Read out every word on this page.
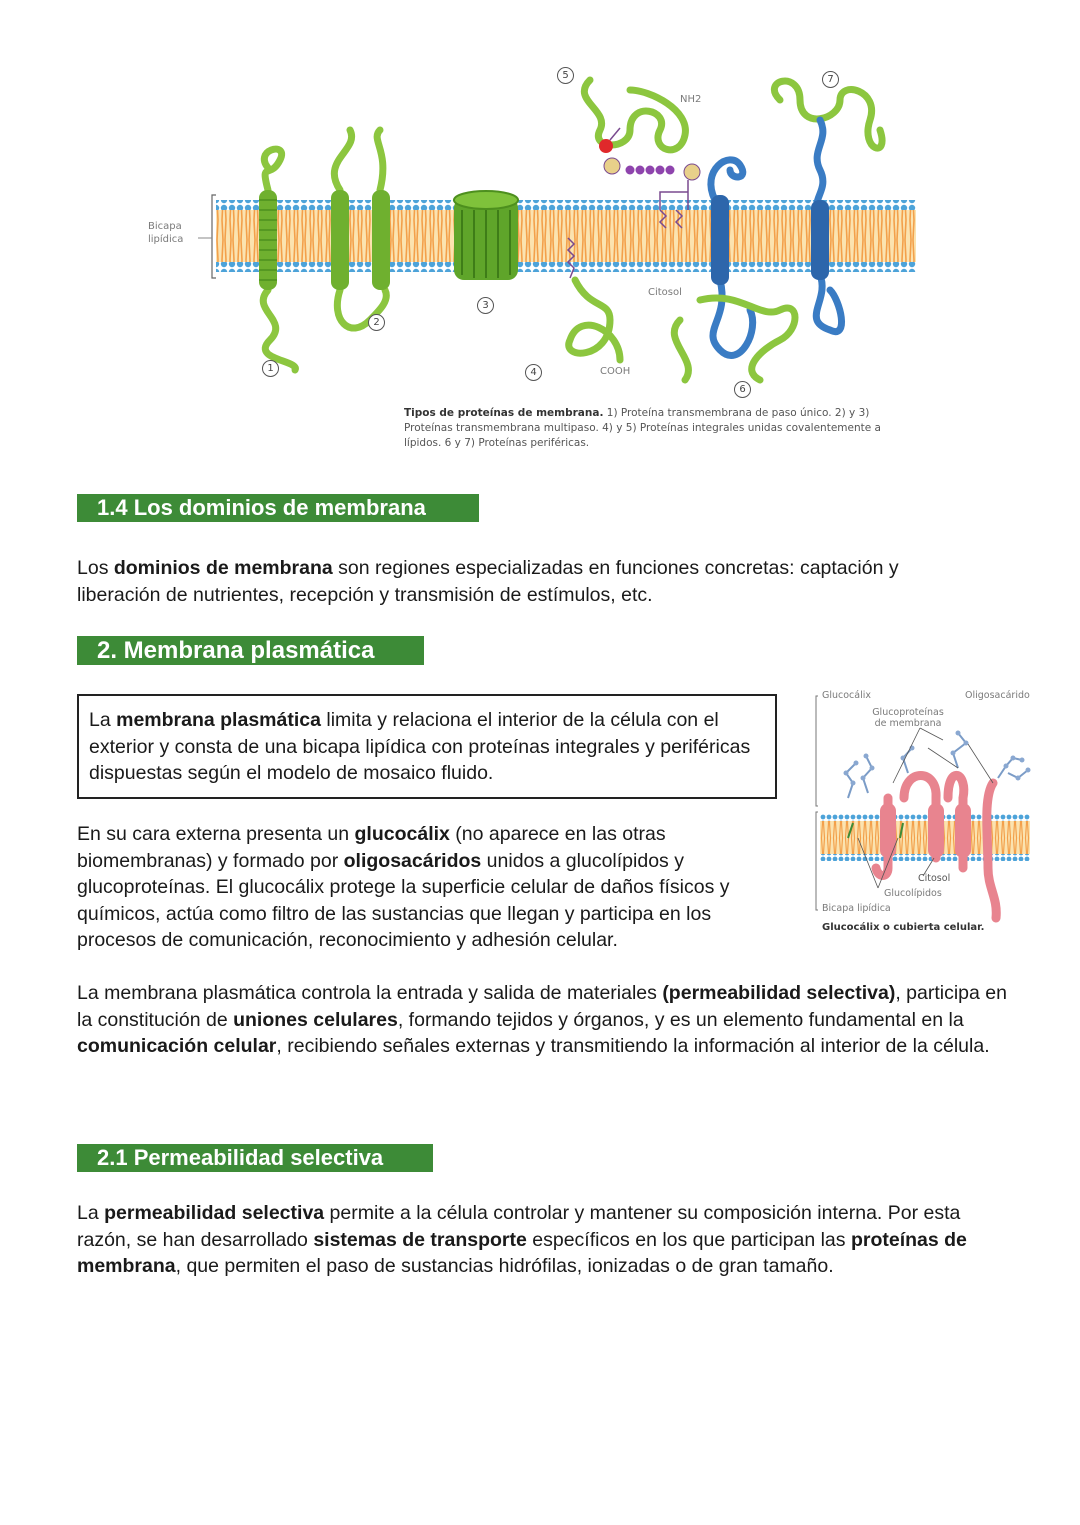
Bicapa lipídica
NH2
COOH
Citosol
1
2
3
4
5
6
7
Tipos de proteínas de membrana. 1) Proteína transmembrana de paso único. 2) y 3) Proteínas transmembrana multipaso. 4) y 5) Proteínas integrales unidas covalentemente a lípidos. 6 y 7) Proteínas periféricas.
1.4 Los dominios de membrana

Los dominios de membrana son regiones especializadas en funciones concretas: captación y liberación de nutrientes, recepción y transmisión de estímulos, etc.

2. Membrana plasmática
La membrana plasmática limita y relaciona el interior de la célula con el exterior y consta de una bicapa lipídica con proteínas integrales y periféricas dispuestas según el modelo de mosaico fluido.

En su cara externa presenta un glucocálix (no aparece en las otras biomembranas) y formado por oligosacáridos unidos a glucolípidos y glucoproteínas. El glucocálix protege la superficie celular de daños físicos y químicos, actúa como filtro de las sustancias que llegan y participa en los procesos de comunicación, reconocimiento y adhesión celular.

Glucocálix	Oligosacárido
Glucoproteínas de membrana
Citosol
Glucolípidos
Bicapa lipídica
Glucocálix o cubierta celular.

La membrana plasmática controla la entrada y salida de materiales (permeabilidad selectiva), participa en la constitución de uniones celulares, formando tejidos y órganos, y es un elemento fundamental en la comunicación celular, recibiendo señales externas y transmitiendo la información al interior de la célula.

2.1 Permeabilidad selectiva

La permeabilidad selectiva permite a la célula controlar y mantener su composición interna. Por esta razón, se han desarrollado sistemas de transporte específicos en los que participan las proteínas de membrana, que permiten el paso de sustancias hidrófilas, ionizadas o de gran tamaño.
